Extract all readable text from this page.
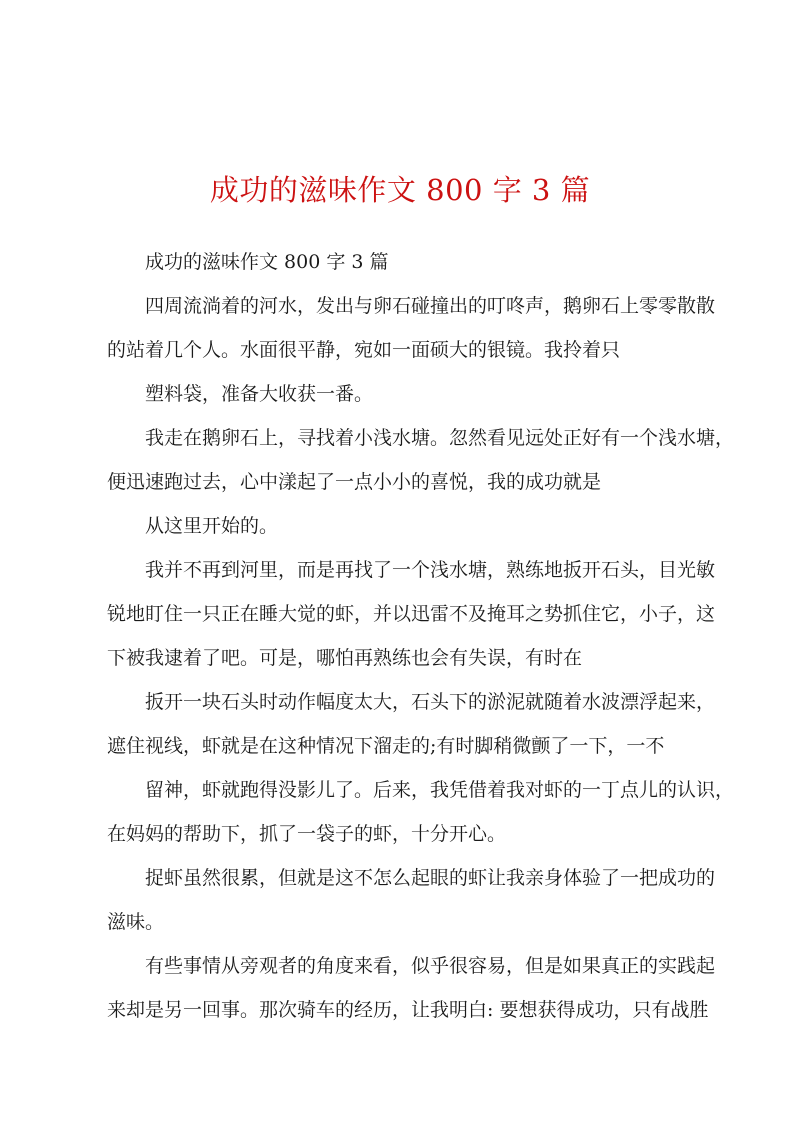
成功的滋味作文 800 字 3 篇
成功的滋味作文 800 字 3 篇
四周流淌着的河水，发出与卵石碰撞出的叮咚声，鹅卵石上零零散散
的站着几个人。水面很平静，宛如一面硕大的银镜。我拎着只
塑料袋，准备大收获一番。
我走在鹅卵石上，寻找着小浅水塘。忽然看见远处正好有一个浅水塘，
便迅速跑过去，心中漾起了一点小小的喜悦，我的成功就是
从这里开始的。
我并不再到河里，而是再找了一个浅水塘，熟练地扳开石头，目光敏
锐地盯住一只正在睡大觉的虾，并以迅雷不及掩耳之势抓住它，小子，这
下被我逮着了吧。可是，哪怕再熟练也会有失误，有时在
扳开一块石头时动作幅度太大，石头下的淤泥就随着水波漂浮起来，
遮住视线，虾就是在这种情况下溜走的;有时脚稍微颤了一下，一不
留神，虾就跑得没影儿了。后来，我凭借着我对虾的一丁点儿的认识，
在妈妈的帮助下，抓了一袋子的虾，十分开心。
捉虾虽然很累，但就是这不怎么起眼的虾让我亲身体验了一把成功的
滋味。
有些事情从旁观者的角度来看，似乎很容易，但是如果真正的实践起
来却是另一回事。那次骑车的经历，让我明白: 要想获得成功，只有战胜
